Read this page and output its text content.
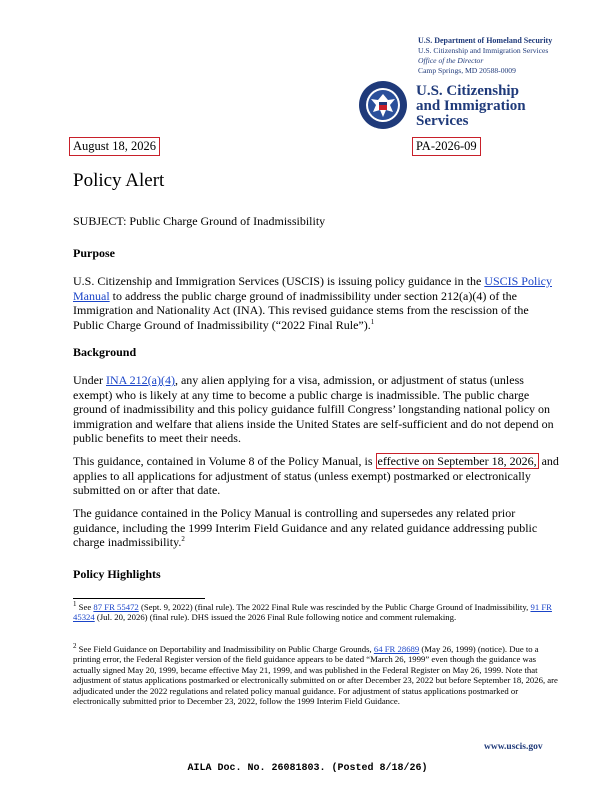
U.S. Department of Homeland Security
U.S. Citizenship and Immigration Services
Office of the Director
Camp Springs, MD 20588-0009
U.S. Citizenship
and Immigration
Services
August 18, 2026	PA-2026-09
Policy Alert
SUBJECT: Public Charge Ground of Inadmissibility
Purpose
U.S. Citizenship and Immigration Services (USCIS) is issuing policy guidance in the USCIS Policy Manual to address the public charge ground of inadmissibility under section 212(a)(4) of the Immigration and Nationality Act (INA). This revised guidance stems from the rescission of the Public Charge Ground of Inadmissibility (“2022 Final Rule”).$^1$
Background
Under INA 212(a)(4), any alien applying for a visa, admission, or adjustment of status (unless exempt) who is likely at any time to become a public charge is inadmissible. The public charge ground of inadmissibility and this policy guidance fulfill Congress’ longstanding national policy on immigration and welfare that aliens inside the United States are self-sufficient and do not depend on public benefits to meet their needs.
This guidance, contained in Volume 8 of the Policy Manual, is effective on September 18, 2026, and applies to all applications for adjustment of status (unless exempt) postmarked or electronically submitted on or after that date.
The guidance contained in the Policy Manual is controlling and supersedes any related prior guidance, including the 1999 Interim Field Guidance and any related guidance addressing public charge inadmissibility.$^2$
Policy Highlights
$^1$ See 87 FR 55472 (Sept. 9, 2022) (final rule). The 2022 Final Rule was rescinded by the Public Charge Ground of Inadmissibility, 91 FR 45324 (Jul. 20, 2026) (final rule). DHS issued the 2026 Final Rule following notice and comment rulemaking.
$^2$ See Field Guidance on Deportability and Inadmissibility on Public Charge Grounds, 64 FR 28689 (May 26, 1999) (notice). Due to a printing error, the Federal Register version of the field guidance appears to be dated “March 26, 1999” even though the guidance was actually signed May 20, 1999, became effective May 21, 1999, and was published in the Federal Register on May 26, 1999. Note that adjustment of status applications postmarked or electronically submitted on or after December 23, 2022 but before September 18, 2026, are adjudicated under the 2022 regulations and related policy manual guidance. For adjustment of status applications postmarked or electronically submitted prior to December 23, 2022, follow the 1999 Interim Field Guidance.
www.uscis.gov
AILA Doc. No. 26081803. (Posted 8/18/26)
